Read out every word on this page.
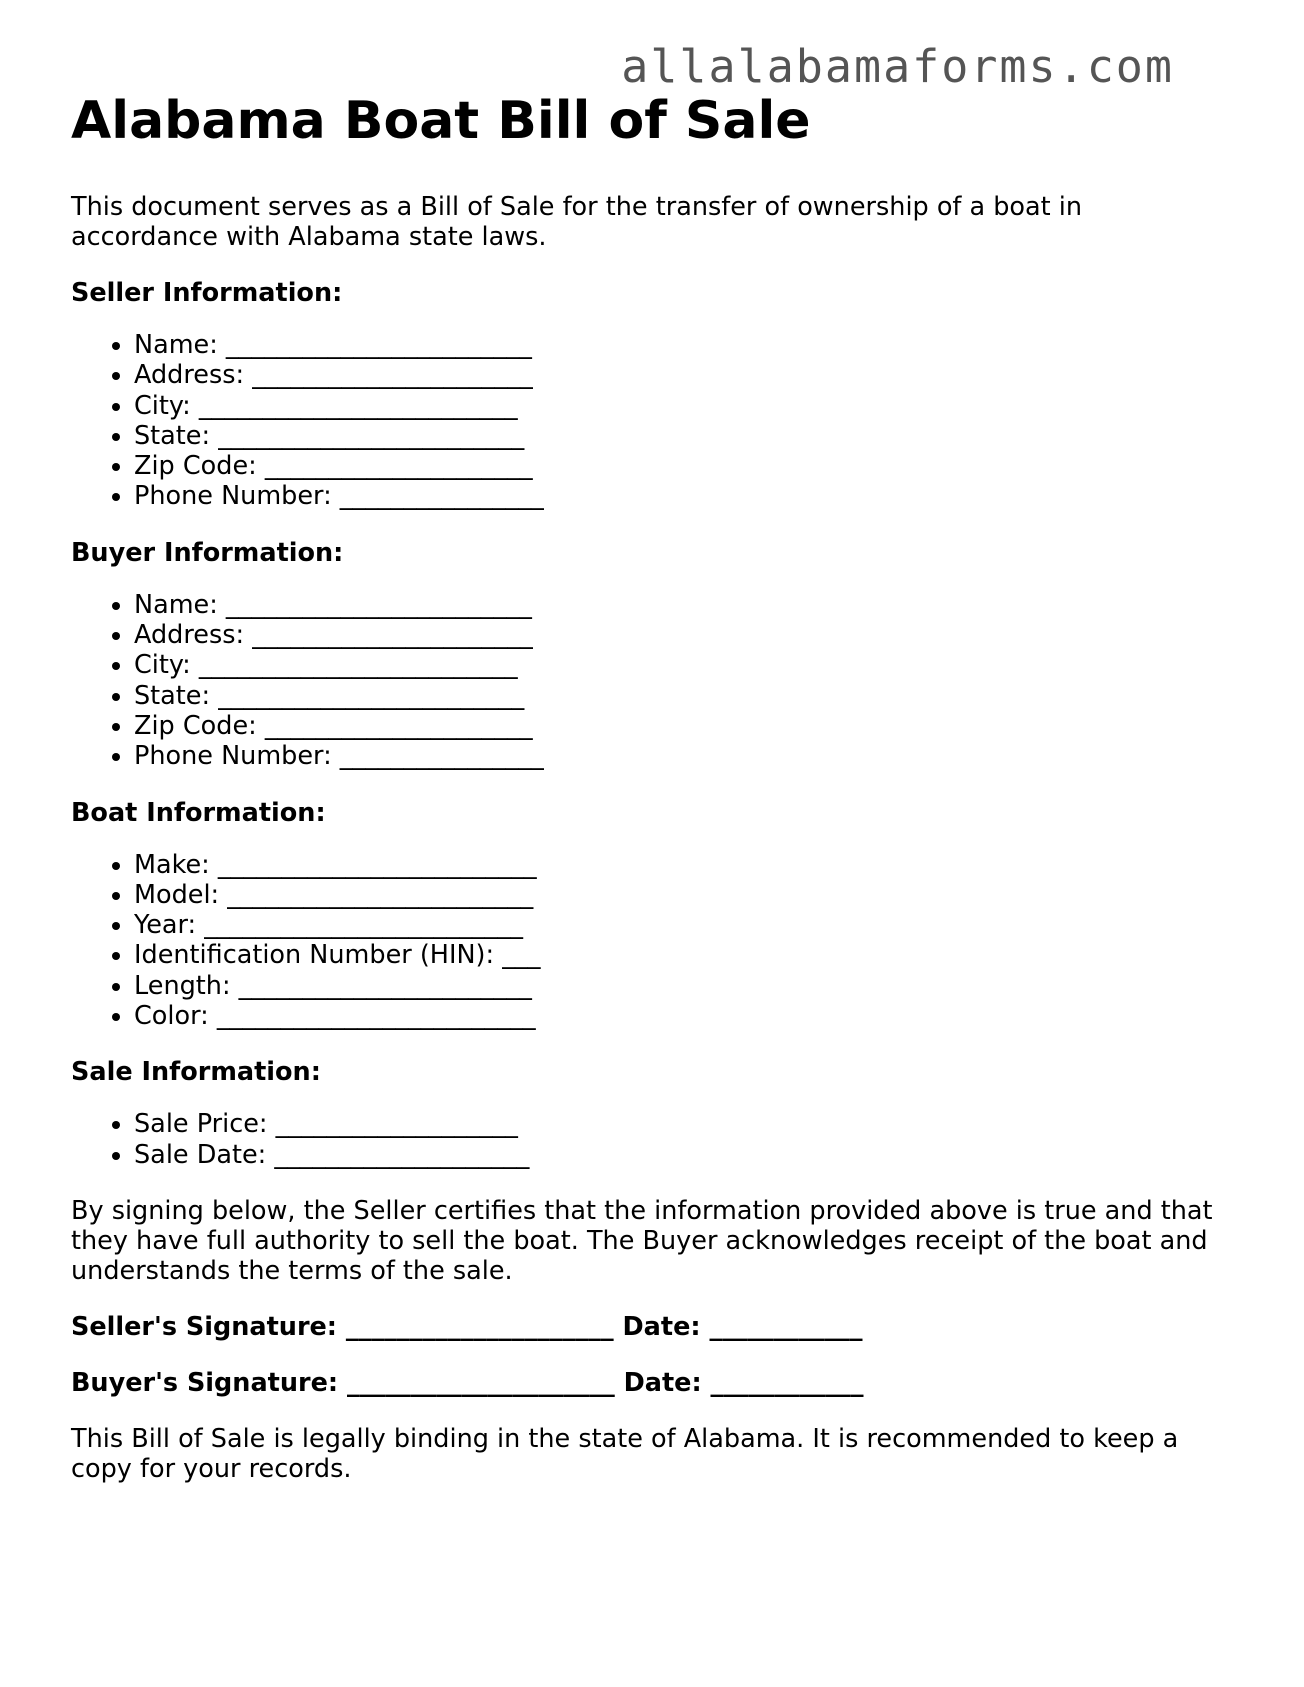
allalabamaforms.com
Alabama Boat Bill of Sale

This document serves as a Bill of Sale for the transfer of ownership of a boat in accordance with Alabama state laws.

Seller Information:
• Name: ________________________
• Address: ______________________
• City: _________________________
• State: ________________________
• Zip Code: _____________________
• Phone Number: ________________
Buyer Information:
• Name: ________________________
• Address: ______________________
• City: _________________________
• State: ________________________
• Zip Code: _____________________
• Phone Number: ________________
Boat Information:
• Make: _________________________
• Model: ________________________
• Year: _________________________
• Identification Number (HIN): ___
• Length: _______________________
• Color: _________________________
Sale Information:
• Sale Price: ___________________
• Sale Date: ____________________

By signing below, the Seller certifies that the information provided above is true and that they have full authority to sell the boat. The Buyer acknowledges receipt of the boat and understands the terms of the sale.

Seller's Signature: _____________________ Date: ____________
Buyer's Signature: _____________________ Date: ____________

This Bill of Sale is legally binding in the state of Alabama. It is recommended to keep a copy for your records.
